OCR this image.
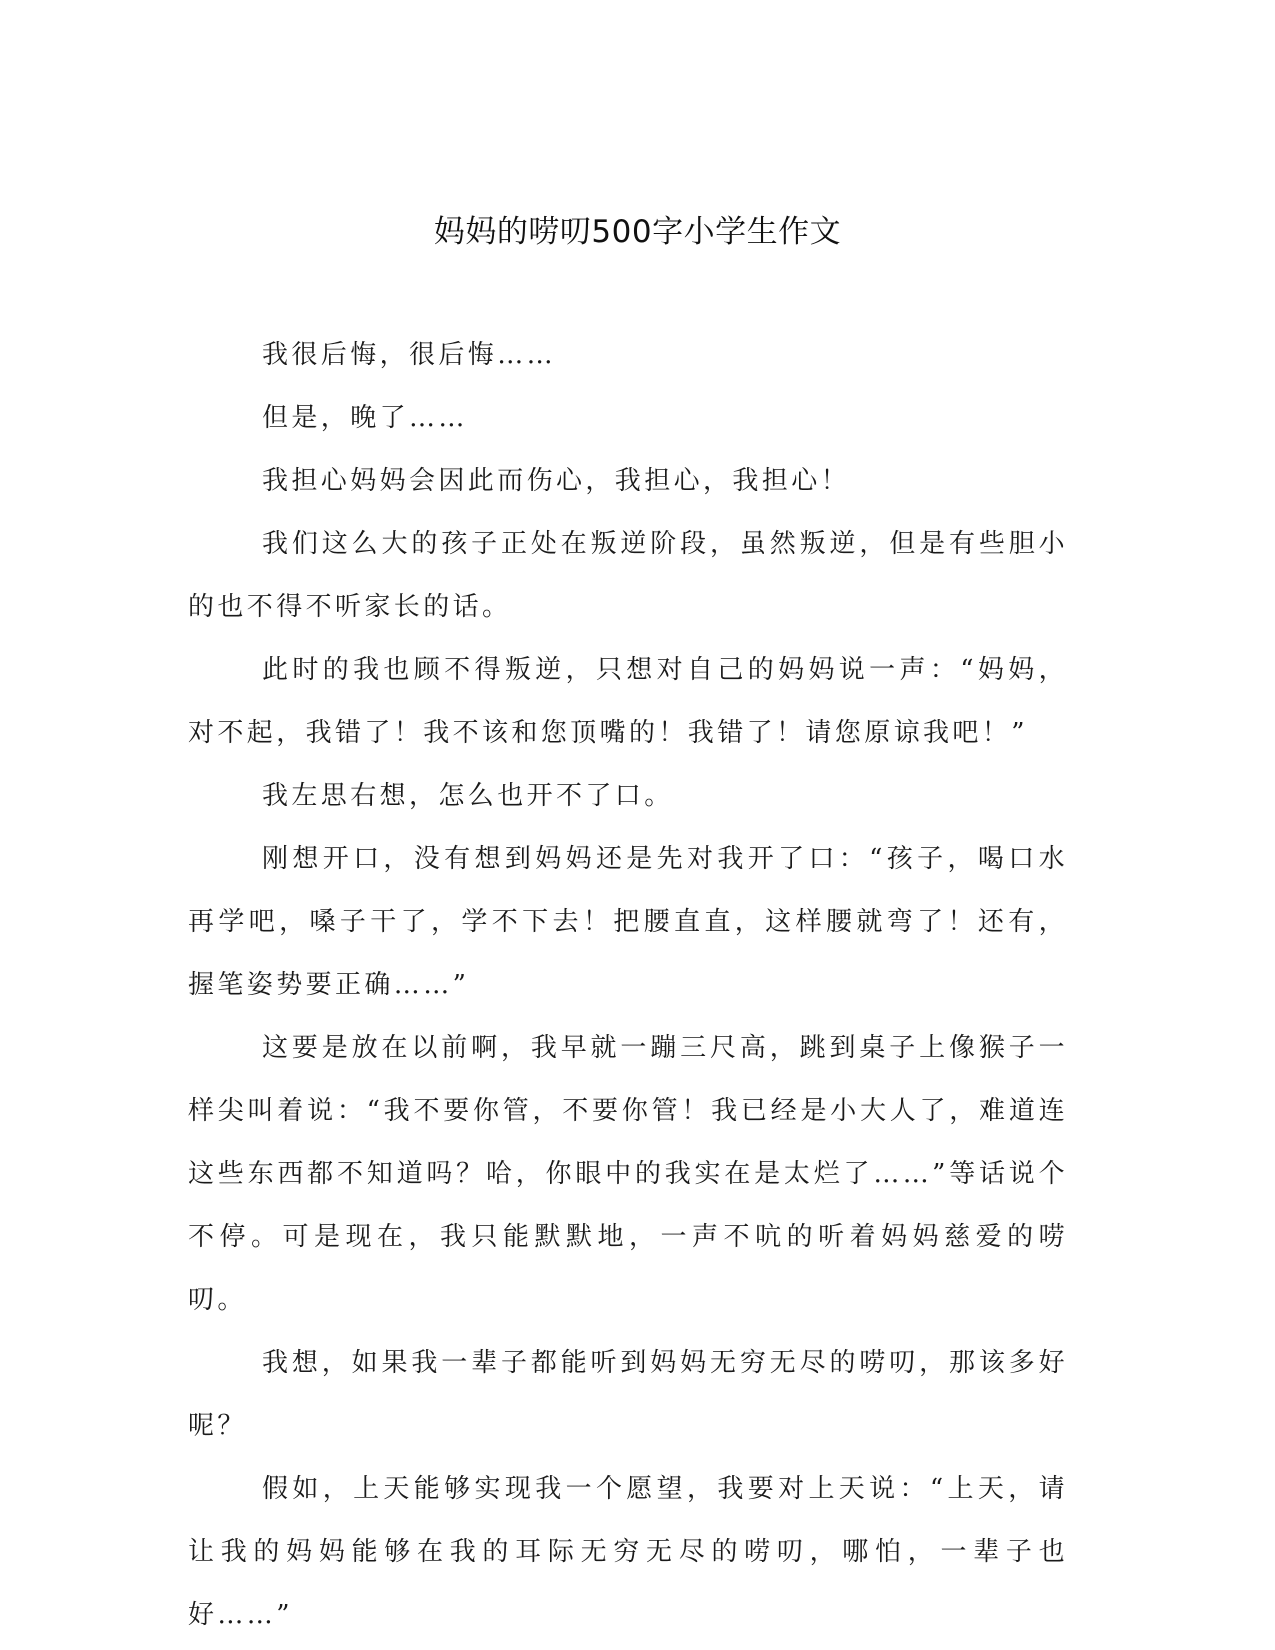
妈妈的唠叨500字小学生作文

我很后悔，很后悔……

但是，晚了……

我担心妈妈会因此而伤心，我担心，我担心！

我们这么大的孩子正处在叛逆阶段，虽然叛逆，但是有些胆小的也不得不听家长的话。

此时的我也顾不得叛逆，只想对自己的妈妈说一声：“妈妈，对不起，我错了！我不该和您顶嘴的！我错了！请您原谅我吧！”

我左思右想，怎么也开不了口。

刚想开口，没有想到妈妈还是先对我开了口：“孩子，喝口水再学吧，嗓子干了，学不下去！把腰直直，这样腰就弯了！还有，握笔姿势要正确……”

这要是放在以前啊，我早就一蹦三尺高，跳到桌子上像猴子一样尖叫着说：“我不要你管，不要你管！我已经是小大人了，难道连这些东西都不知道吗？哈，你眼中的我实在是太烂了……”等话说个不停。可是现在，我只能默默地，一声不吭的听着妈妈慈爱的唠叨。

我想，如果我一辈子都能听到妈妈无穷无尽的唠叨，那该多好呢？

假如，上天能够实现我一个愿望，我要对上天说：“上天，请让我的妈妈能够在我的耳际无穷无尽的唠叨，哪怕，一辈子也好……”
